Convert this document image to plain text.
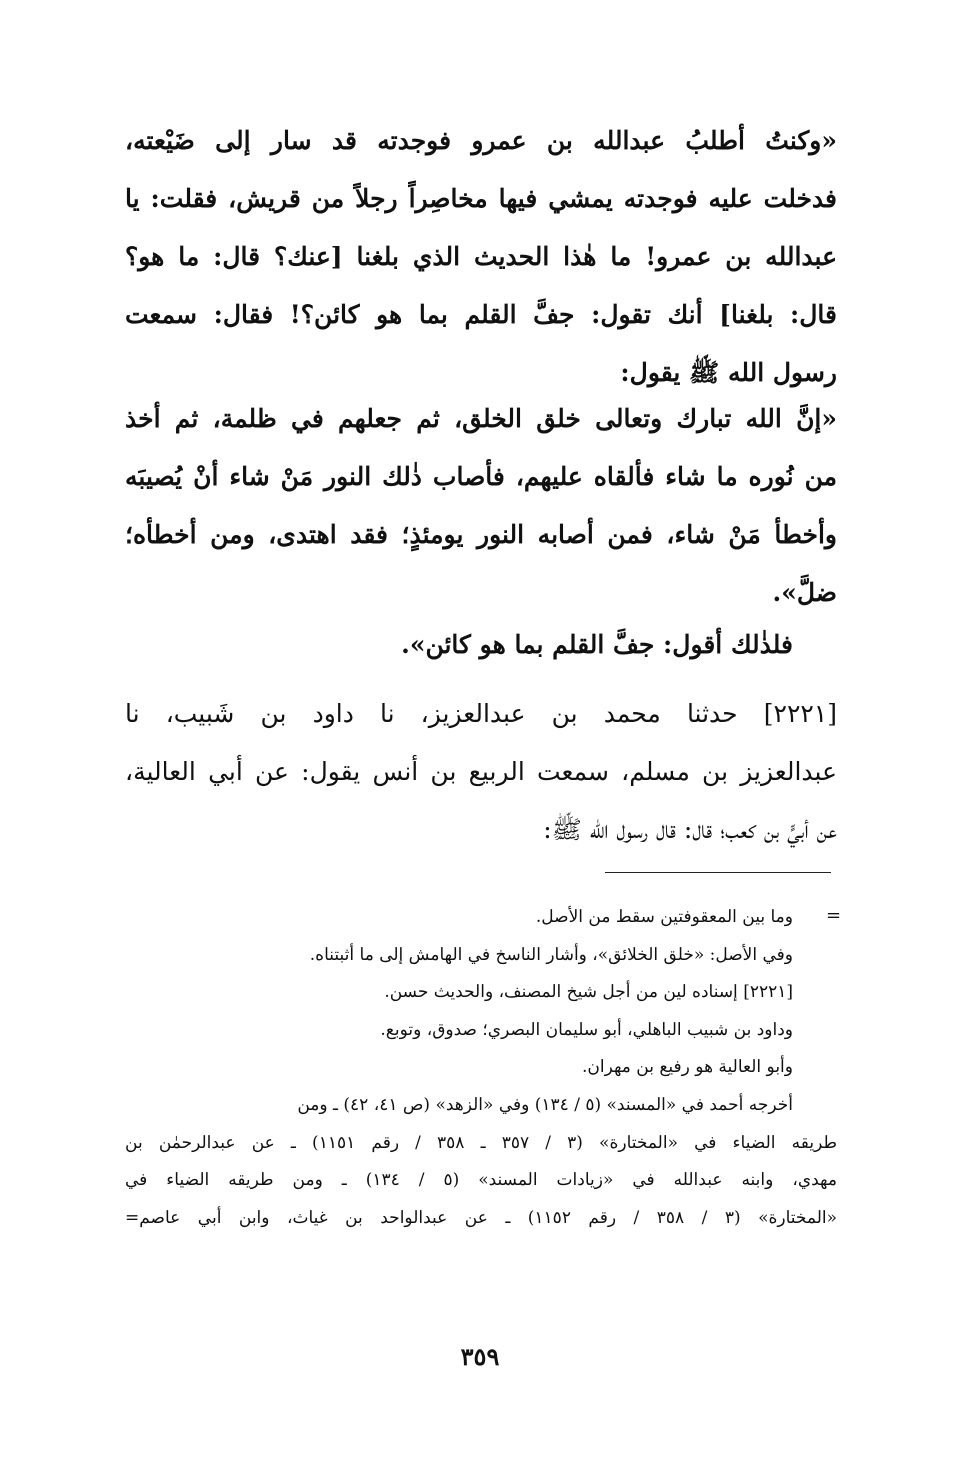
«وكنتُ أطلبُ عبدالله بن عمرو فوجدته قد سار إلى ضَيْعته،
فدخلت عليه فوجدته يمشي فيها مخاصِراً رجلاً من قريش، فقلت: يا
عبدالله بن عمرو! ما هٰذا الحديث الذي بلغنا [عنك؟ قال: ما هو؟
قال: بلغنا] أنك تقول: جفَّ القلم بما هو كائن؟! فقال: سمعت
رسول الله ﷺ يقول:
«إنَّ الله تبارك وتعالى خلق الخلق، ثم جعلهم في ظلمة، ثم أخذ
من نُوره ما شاء فألقاه عليهم، فأصاب ذٰلك النور مَنْ شاء أنْ يُصيبَه
وأخطأ مَنْ شاء، فمن أصابه النور يومئذٍ؛ فقد اهتدى، ومن أخطأه؛
ضلَّ».
فلذٰلك أقول: جفَّ القلم بما هو كائن».
[٢٢٢١] حدثنا محمد بن عبدالعزيز، نا داود بن شَبيب، نا
عبدالعزيز بن مسلم، سمعت الربيع بن أنس يقول: عن أبي العالية،
عن أبيٍّ بن كعب؛ قال: قال رسول الله ﷺ:
=
وما بين المعقوفتين سقط من الأصل.
وفي الأصل: «خلق الخلائق»، وأشار الناسخ في الهامش إلى ما أثبتناه.
[٢٢٢١] إسناده لين من أجل شيخ المصنف، والحديث حسن.
وداود بن شبيب الباهلي، أبو سليمان البصري؛ صدوق، وتوبع.
وأبو العالية هو رفيع بن مهران.
أخرجه أحمد في «المسند» (٥ / ١٣٤) وفي «الزهد» (ص ٤١، ٤٢) ـ ومن
طريقه الضياء في «المختارة» (٣ / ٣٥٧ ـ ٣٥٨ / رقم ١١٥١) ـ عن عبدالرحمٰن بن
مهدي، وابنه عبدالله في «زيادات المسند» (٥ / ١٣٤) ـ ومن طريقه الضياء في
«المختارة» (٣ / ٣٥٨ / رقم ١١٥٢) ـ عن عبدالواحد بن غياث، وابن أبي عاصم=
٣٥٩
